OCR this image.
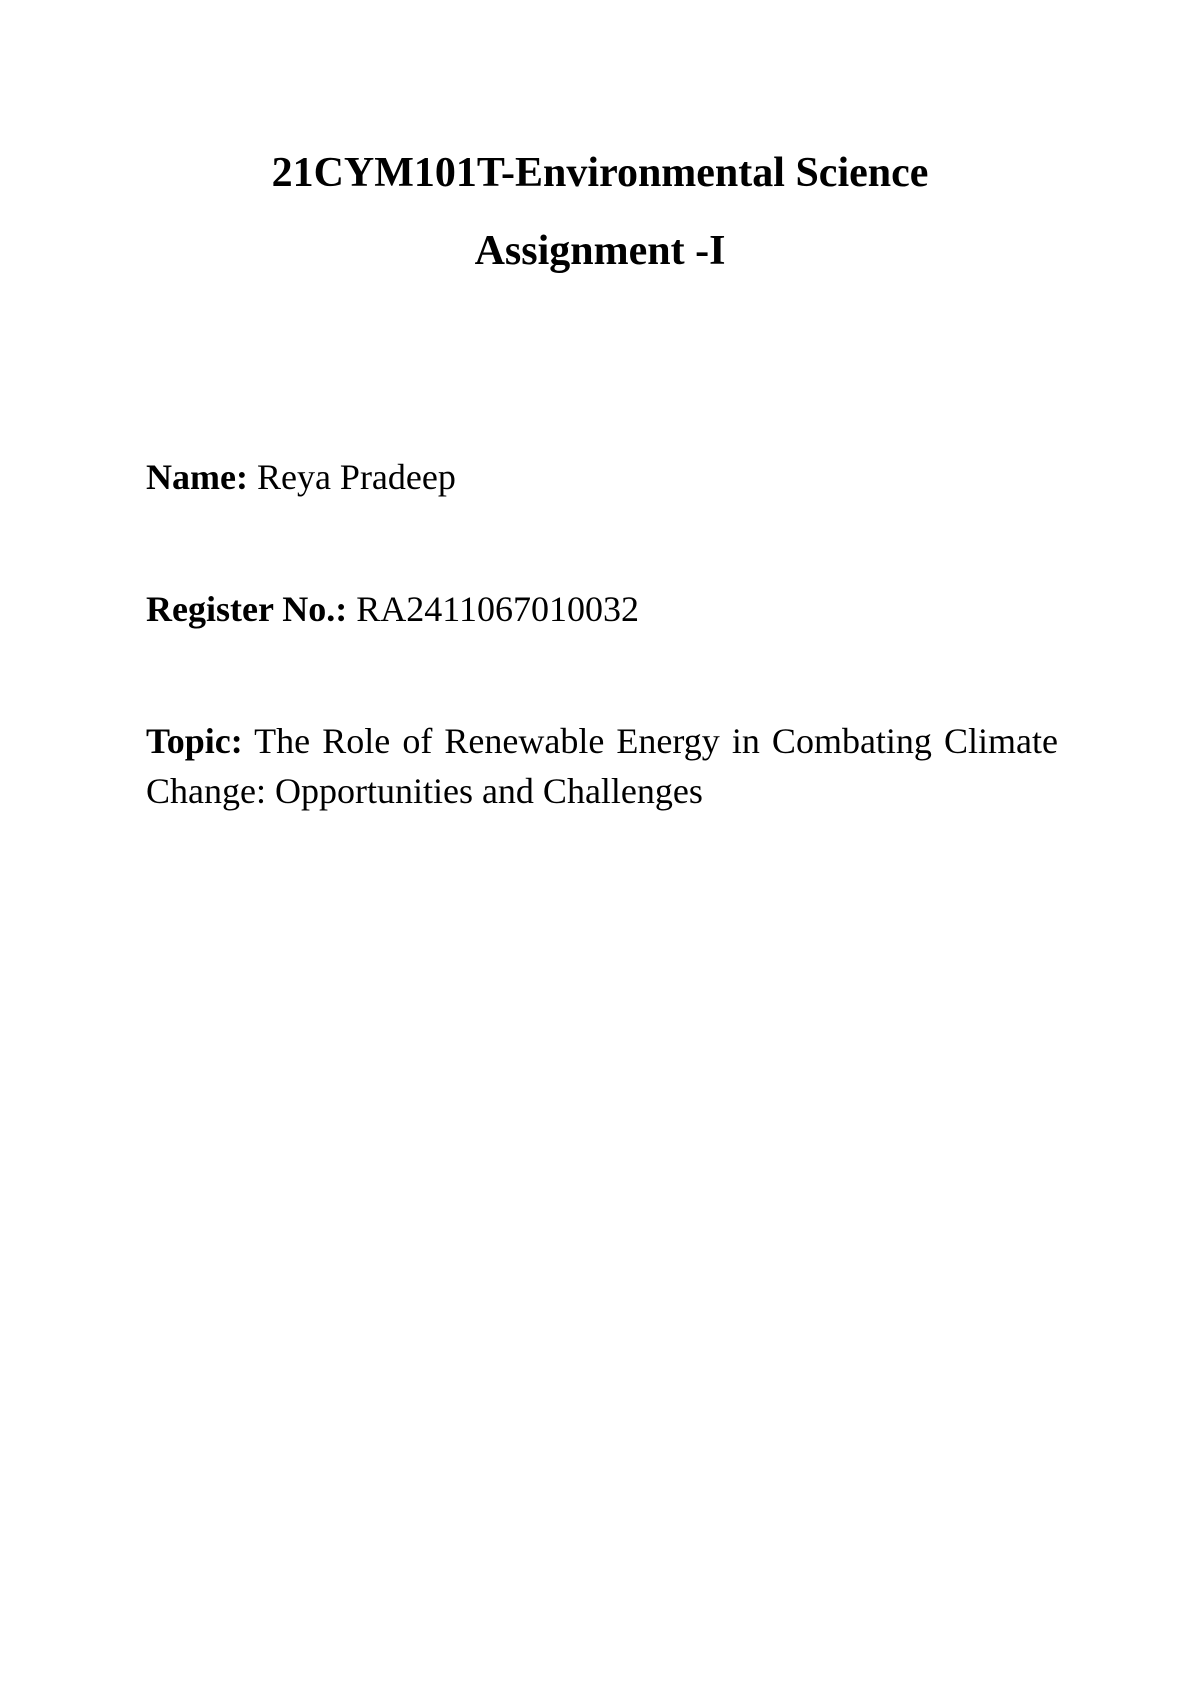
21CYM101T-Environmental Science
Assignment -I

Name: Reya Pradeep

Register No.: RA2411067010032

Topic: The Role of Renewable Energy in Combating Climate Change: Opportunities and Challenges
